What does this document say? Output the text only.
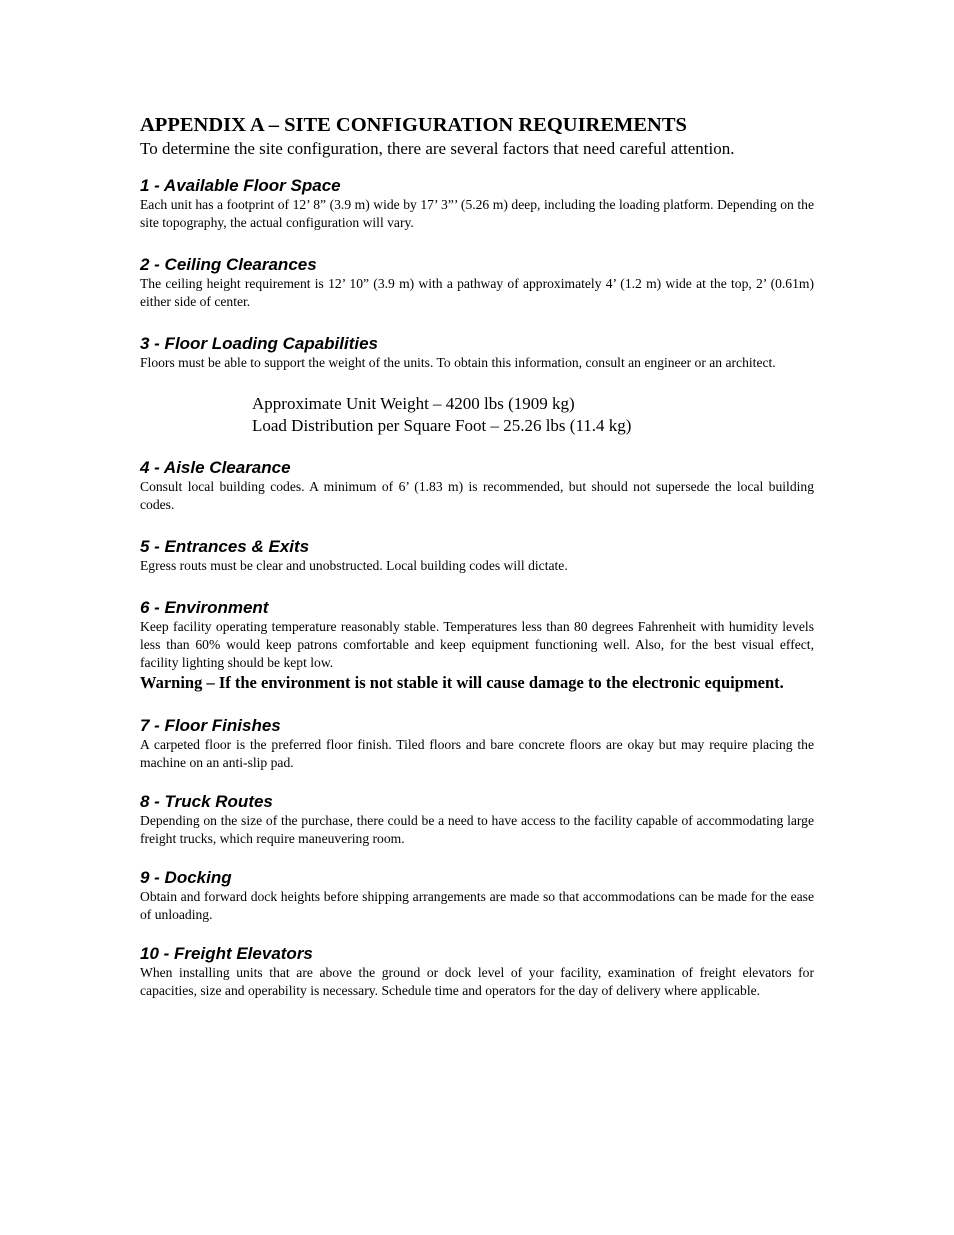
APPENDIX A – SITE CONFIGURATION REQUIREMENTS

To determine the site configuration, there are several factors that need careful attention.

1 - Available Floor Space

Each unit has a footprint of 12’ 8” (3.9 m) wide by 17’ 3”’ (5.26 m) deep, including the loading platform. Depending on the site topography, the actual configuration will vary.

2 - Ceiling Clearances

The ceiling height requirement is 12’ 10” (3.9 m) with a pathway of approximately 4’ (1.2 m) wide at the top, 2’ (0.61m) either side of center.

3 - Floor Loading Capabilities

Floors must be able to support the weight of the units. To obtain this information, consult an engineer or an architect.

Approximate Unit Weight – 4200 lbs (1909 kg)

Load Distribution per Square Foot – 25.26 lbs (11.4 kg)

4 - Aisle Clearance

Consult local building codes. A minimum of 6’ (1.83 m) is recommended, but should not supersede the local building codes.

5 - Entrances & Exits

Egress routs must be clear and unobstructed. Local building codes will dictate.

6 - Environment

Keep facility operating temperature reasonably stable. Temperatures less than 80 degrees Fahrenheit with humidity levels less than 60% would keep patrons comfortable and keep equipment functioning well. Also, for the best visual effect, facility lighting should be kept low.

Warning – If the environment is not stable it will cause damage to the electronic equipment.

7 - Floor Finishes

A carpeted floor is the preferred floor finish. Tiled floors and bare concrete floors are okay but may require placing the machine on an anti-slip pad.

8 - Truck Routes

Depending on the size of the purchase, there could be a need to have access to the facility capable of accommodating large freight trucks, which require maneuvering room.

9 - Docking

Obtain and forward dock heights before shipping arrangements are made so that accommodations can be made for the ease of unloading.

10 - Freight Elevators

When installing units that are above the ground or dock level of your facility, examination of freight elevators for capacities, size and operability is necessary. Schedule time and operators for the day of delivery where applicable.
